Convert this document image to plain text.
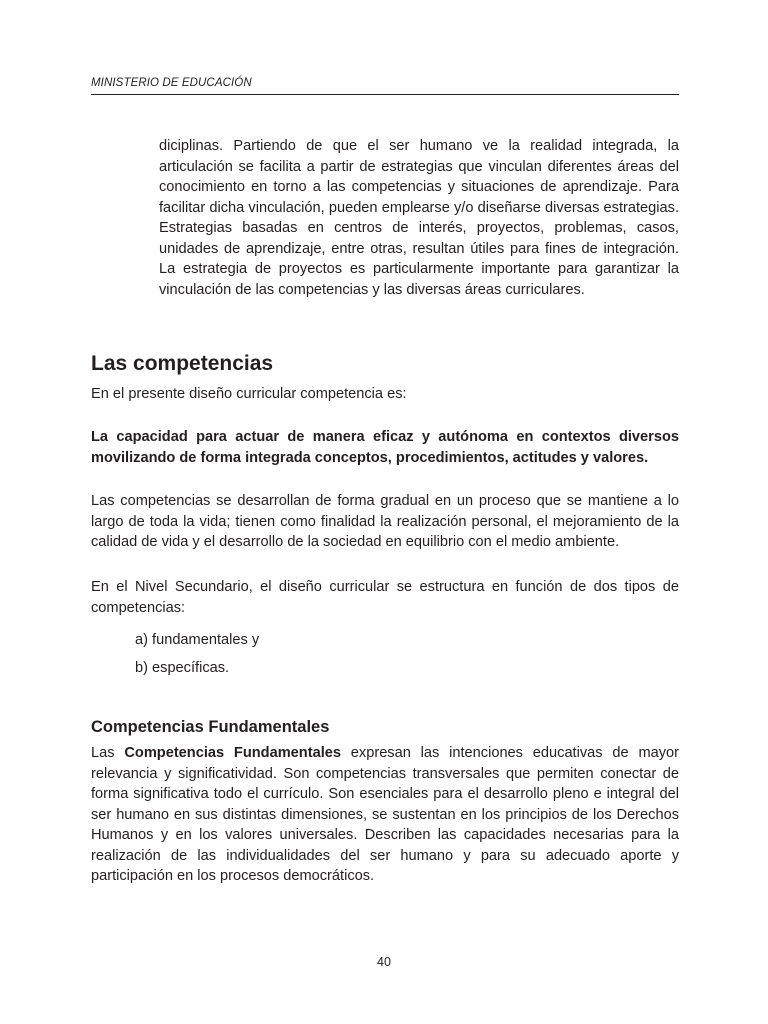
MINISTERIO DE EDUCACIÓN

diciplinas. Partiendo de que el ser humano ve la realidad integrada, la articulación se facilita a partir de estrategias que vinculan diferentes áreas del conocimiento en torno a las competencias y situaciones de aprendizaje. Para facilitar dicha vinculación, pueden emplearse y/o diseñarse diversas estrategias. Estrategias basadas en centros de interés, proyectos, problemas, casos, unidades de aprendizaje, entre otras, resultan útiles para fines de integración. La estrategia de proyectos es particularmente importante para garantizar la vinculación de las competencias y las diversas áreas curriculares.

Las competencias

En el presente diseño curricular competencia es:

La capacidad para actuar de manera eficaz y autónoma en contextos diversos movilizando de forma integrada conceptos, procedimientos, actitudes y valores.

Las competencias se desarrollan de forma gradual en un proceso que se mantiene a lo largo de toda la vida; tienen como finalidad la realización personal, el mejoramiento de la calidad de vida y el desarrollo de la sociedad en equilibrio con el medio ambiente.

En el Nivel Secundario, el diseño curricular se estructura en función de dos tipos de competencias:

a) fundamentales y
b) específicas.
Competencias Fundamentales

Las Competencias Fundamentales expresan las intenciones educativas de mayor relevancia y significatividad. Son competencias transversales que permiten conectar de forma significativa todo el currículo. Son esenciales para el desarrollo pleno e integral del ser humano en sus distintas dimensiones, se sustentan en los principios de los Derechos Humanos y en los valores universales. Describen las capacidades necesarias para la realización de las individualidades del ser humano y para su adecuado aporte y participación en los procesos democráticos.

40
